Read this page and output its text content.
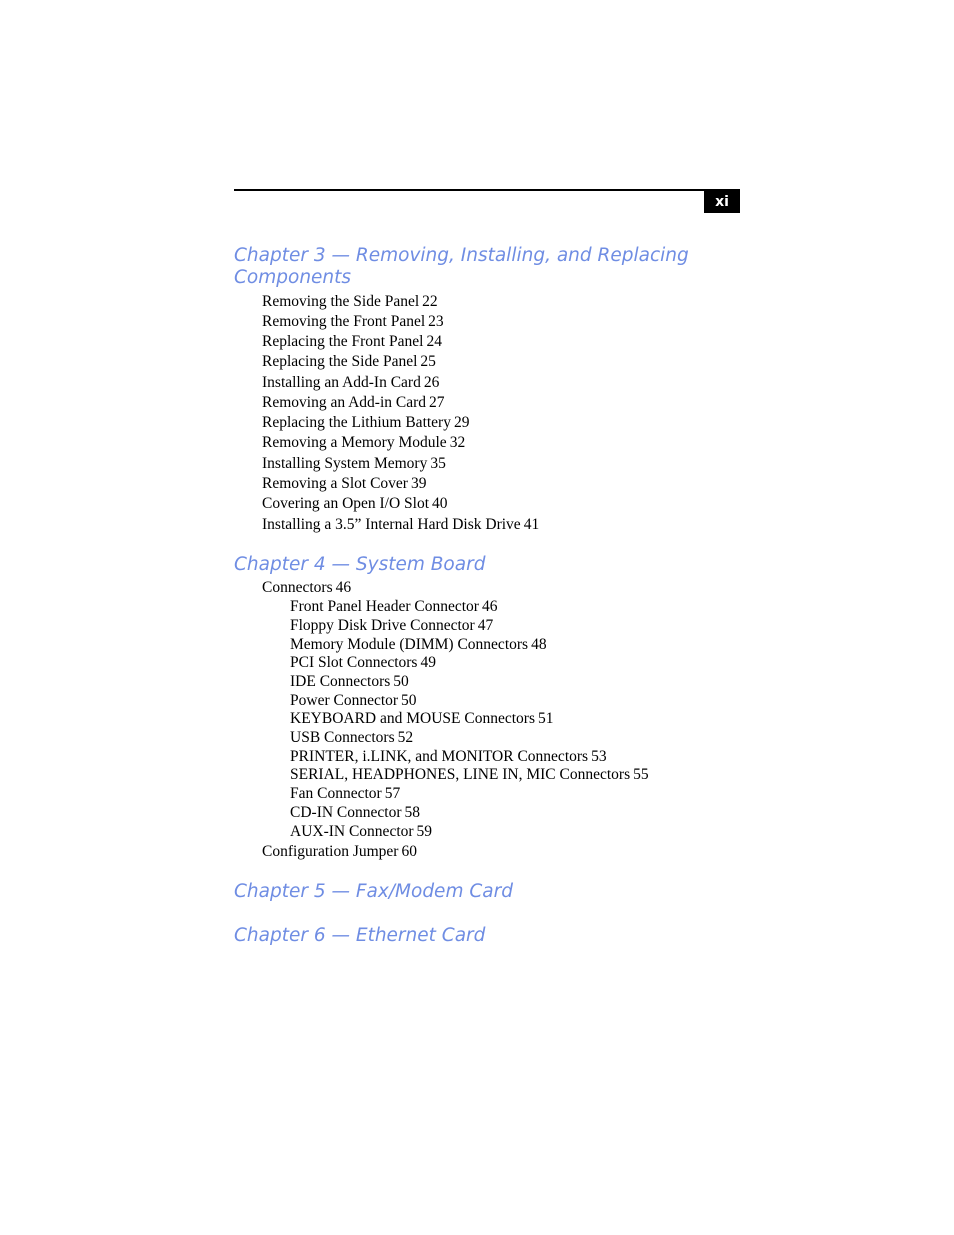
xi
Chapter 3 — Removing, Installing, and Replacing
Components
Removing the Side Panel 22
Removing the Front Panel 23
Replacing the Front Panel 24
Replacing the Side Panel 25
Installing an Add-In Card 26
Removing an Add-in Card 27
Replacing the Lithium Battery 29
Removing a Memory Module 32
Installing System Memory 35
Removing a Slot Cover 39
Covering an Open I/O Slot 40
Installing a 3.5” Internal Hard Disk Drive 41
Chapter 4 — System Board
Connectors 46
Front Panel Header Connector 46
Floppy Disk Drive Connector 47
Memory Module (DIMM) Connectors 48
PCI Slot Connectors 49
IDE Connectors 50
Power Connector 50
KEYBOARD and MOUSE Connectors 51
USB Connectors 52
PRINTER, i.LINK, and MONITOR Connectors 53
SERIAL, HEADPHONES, LINE IN, MIC Connectors 55
Fan Connector 57
CD-IN Connector 58
AUX-IN Connector 59
Configuration Jumper 60
Chapter 5 — Fax/Modem Card
Chapter 6 — Ethernet Card
